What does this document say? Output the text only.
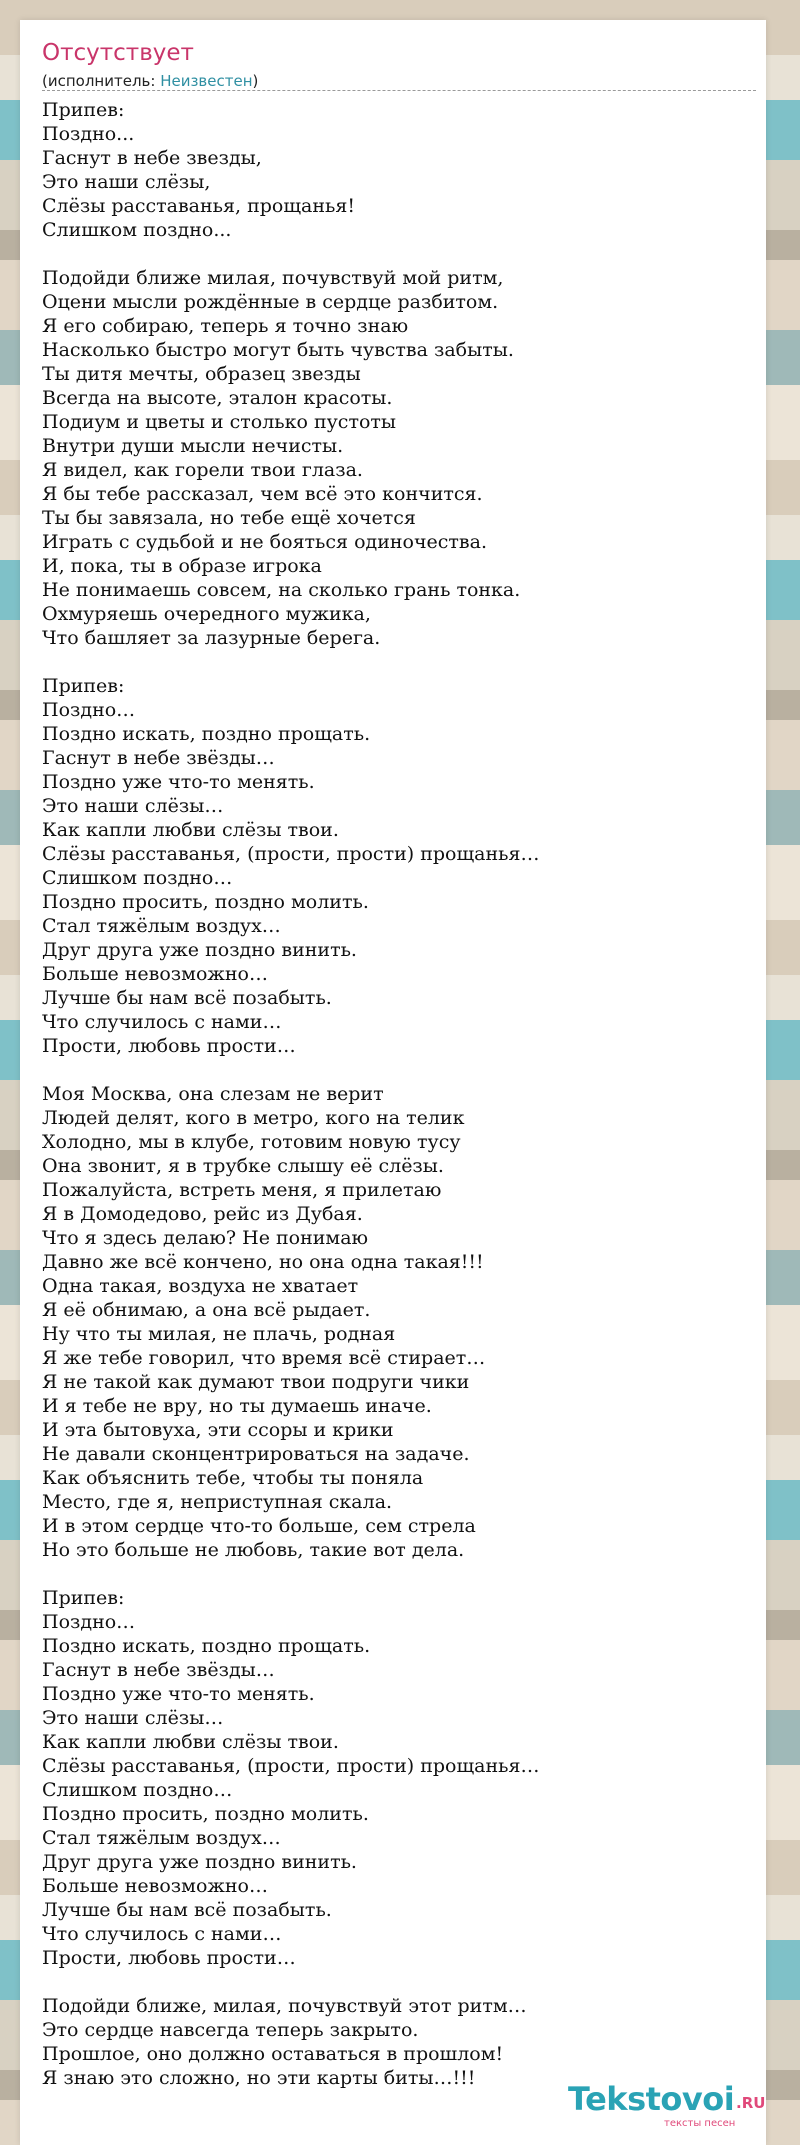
Отсутствует
(исполнитель: Неизвестен)
Припев:
Поздно...
Гаснут в небе звезды,
Это наши слёзы,
Слёзы расставанья, прощанья!
Слишком поздно...
Подойди ближе милая, почувствуй мой ритм,
Оцени мысли рождённые в сердце разбитом.
Я его собираю, теперь я точно знаю
Насколько быстро могут быть чувства забыты.
Ты дитя мечты, образец звезды
Всегда на высоте, эталон красоты.
Подиум и цветы и столько пустоты
Внутри души мысли нечисты.
Я видел, как горели твои глаза.
Я бы тебе рассказал, чем всё это кончится.
Ты бы завязала, но тебе ещё хочется
Играть с судьбой и не бояться одиночества.
И, пока, ты в образе игрока
Не понимаешь совсем, на сколько грань тонка.
Охмуряешь очередного мужика,
Что башляет за лазурные берега.
Припев:
Поздно…
Поздно искать, поздно прощать.
Гаснут в небе звёзды…
Поздно уже что-то менять.
Это наши слёзы…
Как капли любви слёзы твои.
Слёзы расставанья, (прости, прости) прощанья…
Слишком поздно…
Поздно просить, поздно молить.
Стал тяжёлым воздух…
Друг друга уже поздно винить.
Больше невозможно…
Лучше бы нам всё позабыть.
Что случилось с нами…
Прости, любовь прости…
Моя Москва, она слезам не верит
Людей делят, кого в метро, кого на телик
Холодно, мы в клубе, готовим новую тусу
Она звонит, я в трубке слышу её слёзы.
Пожалуйста, встреть меня, я прилетаю
Я в Домодедово, рейс из Дубая.
Что я здесь делаю? Не понимаю
Давно же всё кончено, но она одна такая!!!
Одна такая, воздуха не хватает
Я её обнимаю, а она всё рыдает.
Ну что ты милая, не плачь, родная
Я же тебе говорил, что время всё стирает…
Я не такой как думают твои подруги чики
И я тебе не вру, но ты думаешь иначе.
И эта бытовуха, эти ссоры и крики
Не давали сконцентрироваться на задаче.
Как объяснить тебе, чтобы ты поняла
Место, где я, неприступная скала.
И в этом сердце что-то больше, сем стрела
Но это больше не любовь, такие вот дела.
Припев:
Поздно…
Поздно искать, поздно прощать.
Гаснут в небе звёзды…
Поздно уже что-то менять.
Это наши слёзы…
Как капли любви слёзы твои.
Слёзы расставанья, (прости, прости) прощанья…
Слишком поздно…
Поздно просить, поздно молить.
Стал тяжёлым воздух…
Друг друга уже поздно винить.
Больше невозможно…
Лучше бы нам всё позабыть.
Что случилось с нами…
Прости, любовь прости…
Подойди ближе, милая, почувствуй этот ритм…
Это сердце навсегда теперь закрыто.
Прошлое, оно должно оставаться в прошлом!
Я знаю это сложно, но эти карты биты…!!!
Tekstovoi .RU
тексты песен
